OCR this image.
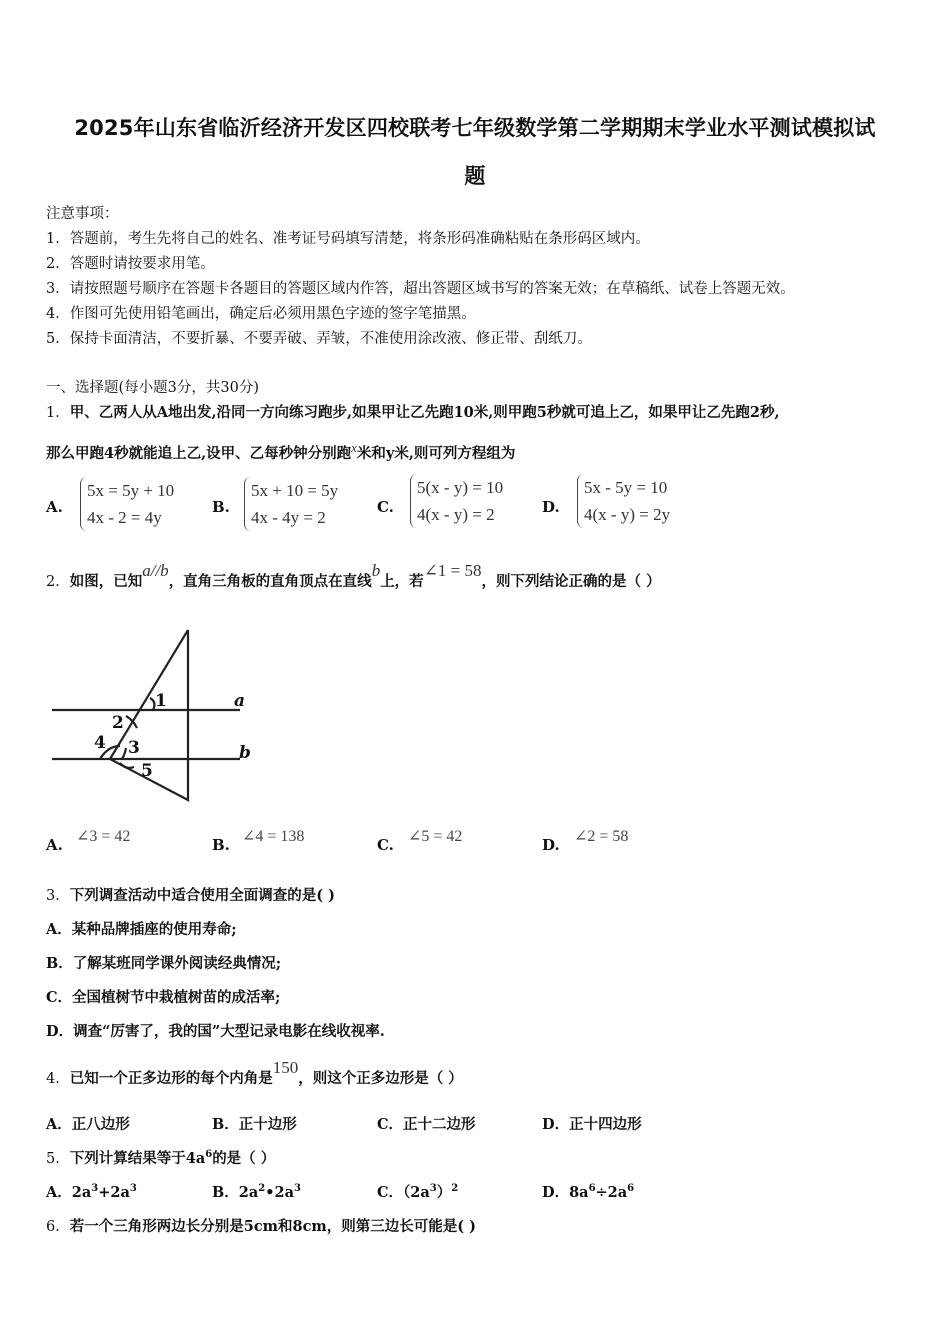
2025年山东省临沂经济开发区四校联考七年级数学第二学期期末学业水平测试模拟试
题
注意事项：
1．答题前，考生先将自己的姓名、准考证号码填写清楚，将条形码准确粘贴在条形码区域内。
2．答题时请按要求用笔。
3．请按照题号顺序在答题卡各题目的答题区域内作答，超出答题区域书写的答案无效；在草稿纸、试卷上答题无效。
4．作图可先使用铅笔画出，确定后必须用黑色字迹的签字笔描黑。
5．保持卡面清洁，不要折暴、不要弄破、弄皱，不准使用涂改液、修正带、刮纸刀。
一、选择题(每小题3分，共30分)
1．甲、乙两人从A地出发,沿同一方向练习跑步,如果甲让乙先跑10米,则甲跑5秒就可追上乙，如果甲让乙先跑2秒,
那么甲跑4秒就能追上乙,设甲、乙每秒钟分别跑x米和y米,则可列方程组为
A.
5x = 5y + 10
4x - 2 = 4y
B.
5x + 10 = 5y
4x - 4y = 2
C.
5(x - y) = 10
4(x - y) = 2	D.
5x - 5y = 10
4(x - y) = 2y
2．如图，已知a//b，直角三角板的直角顶点在直线b上，若∠1 = 58，则下列结论正确的是（ ）
1
2
3
4
5
a
b
A. ∠3 = 42	B. ∠4 = 138	C. ∠5 = 42	D. ∠2 = 58
3．下列调查活动中适合使用全面调查的是( )
A．某种品牌插座的使用寿命;
B．了解某班同学课外阅读经典情况;
C．全国植树节中栽植树苗的成活率;
D．调查“厉害了，我的国”大型记录电影在线收视率.
4．已知一个正多边形的每个内角是150，则这个正多边形是（ ）
A．正八边形	B．正十边形	C．正十二边形	D．正十四边形
5．下列计算结果等于$4a^6$的是（ ）
A．$2a^3+2a^3$	B．$2a^2•2a^3$	C．$(2a^3)^2$	D．$8a^6\div 2a^6$
6．若一个三角形两边长分别是5cm和8cm，则第三边长可能是( )
